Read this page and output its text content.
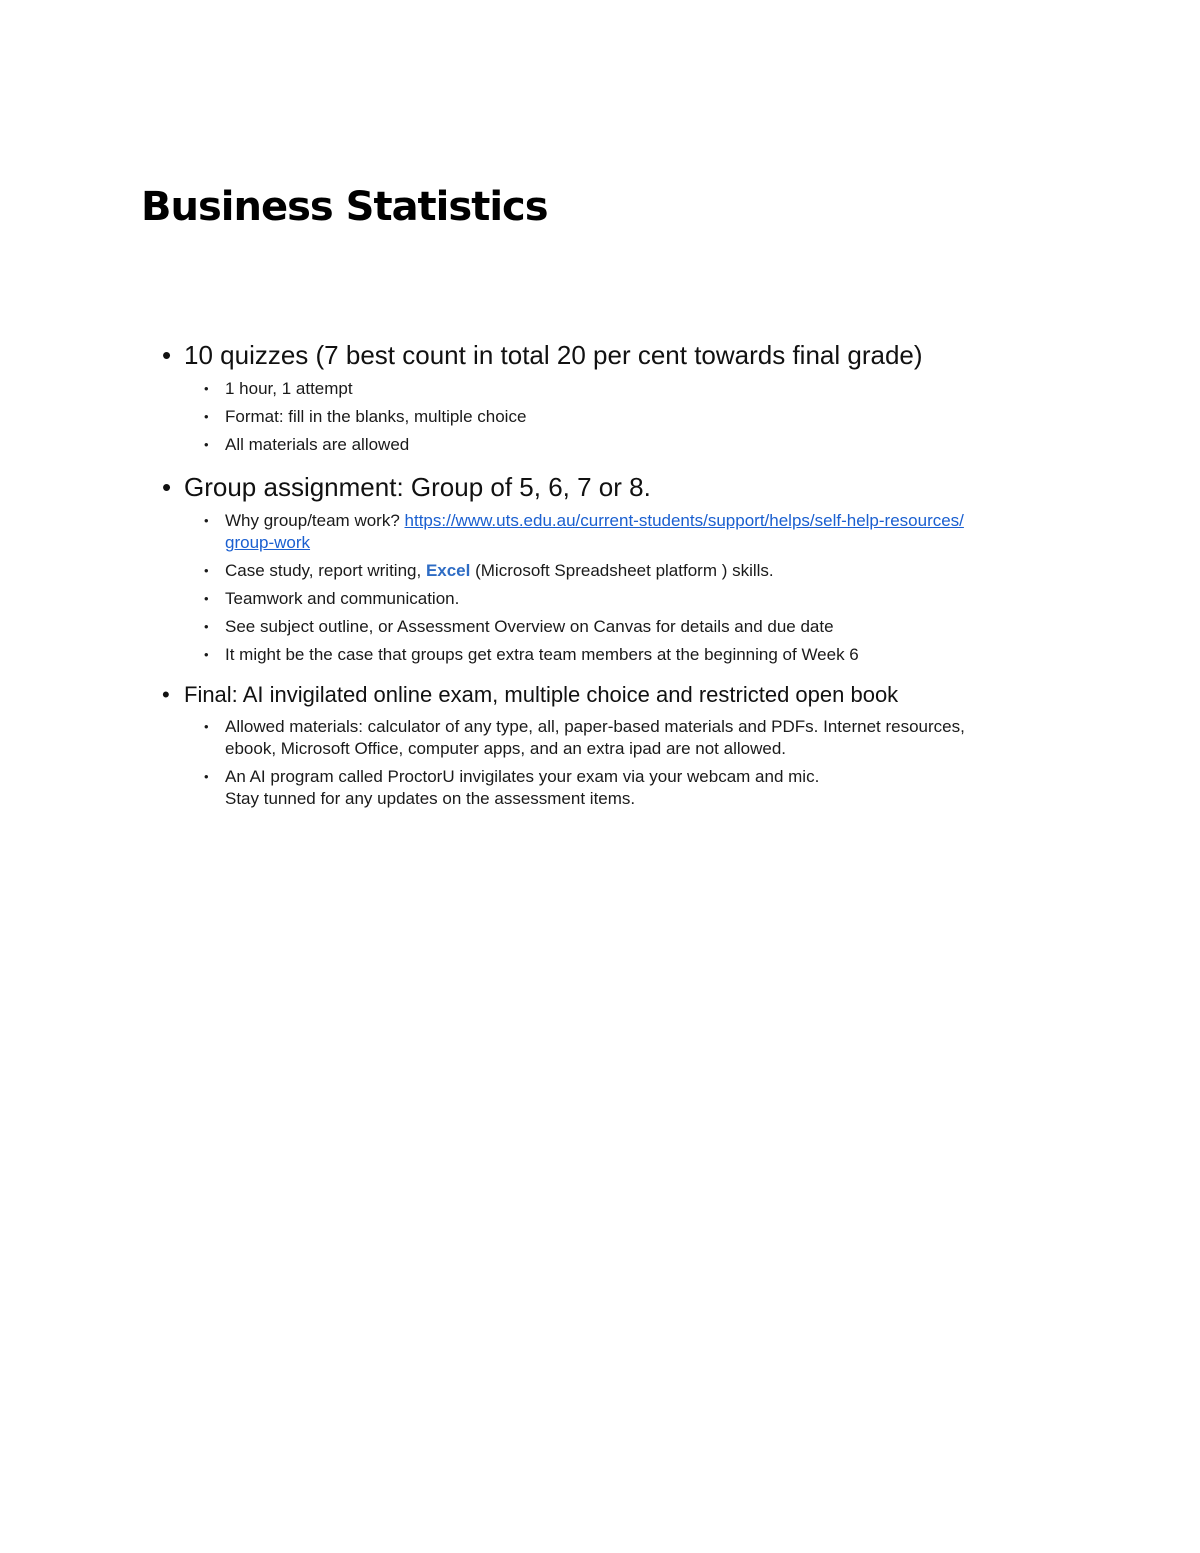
Business Statistics
• 10 quizzes (7 best count in total 20 per cent towards final grade)
• 1 hour, 1 attempt
• Format: fill in the blanks, multiple choice
• All materials are allowed
• Group assignment: Group of 5, 6, 7 or 8.
• Why group/team work? https://www.uts.edu.au/current-students/support/helps/self-help-resources/
group-work
• Case study, report writing, Excel (Microsoft Spreadsheet platform ) skills.
• Teamwork and communication.
• See subject outline, or Assessment Overview on Canvas for details and due date
• It might be the case that groups get extra team members at the beginning of Week 6
• Final: AI invigilated online exam, multiple choice and restricted open book
• Allowed materials: calculator of any type, all, paper-based materials and PDFs. Internet resources,
ebook, Microsoft Office, computer apps, and an extra ipad are not allowed.
• An AI program called ProctorU invigilates your exam via your webcam and mic.
Stay tunned for any updates on the assessment items.
